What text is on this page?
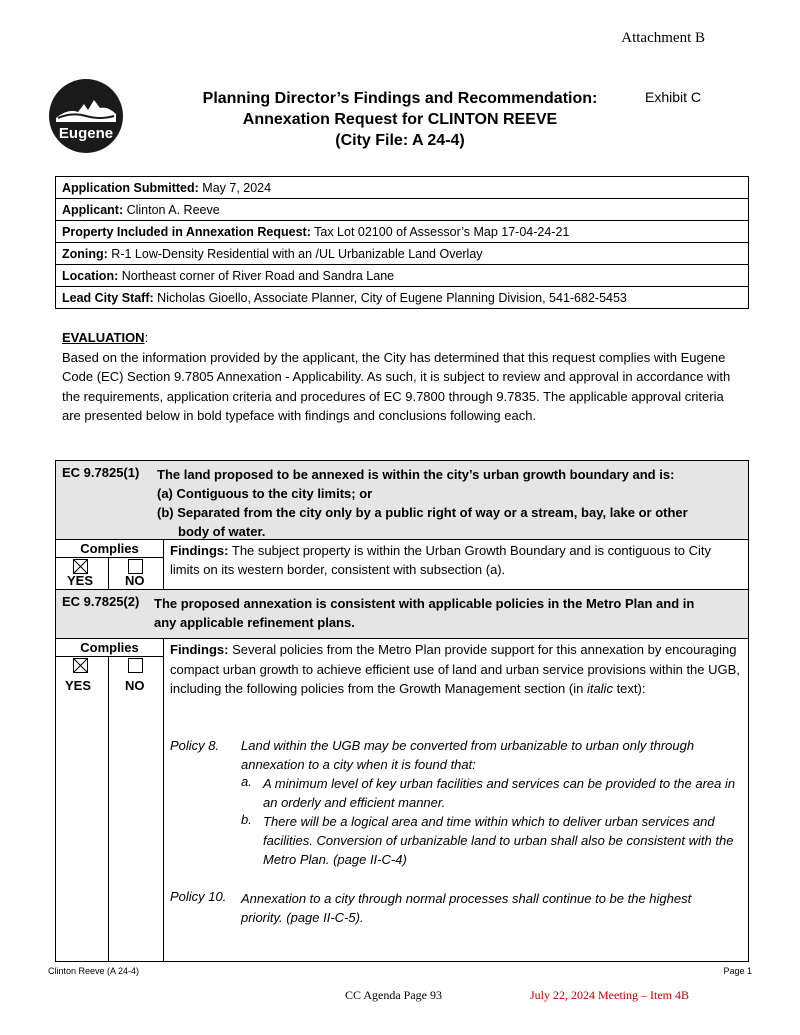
Attachment B
Eugene
Planning Director’s Findings and Recommendation:
Annexation Request for CLINTON REEVE
(City File: A 24-4)
Exhibit C
Application Submitted: May 7, 2024
Applicant: Clinton A. Reeve
Property Included in Annexation Request: Tax Lot 02100 of Assessor’s Map 17-04-24-21
Zoning: R-1 Low-Density Residential with an /UL Urbanizable Land Overlay
Location: Northeast corner of River Road and Sandra Lane
Lead City Staff: Nicholas Gioello, Associate Planner, City of Eugene Planning Division, 541-682-5453
EVALUATION:
Based on the information provided by the applicant, the City has determined that this request complies with Eugene Code (EC) Section 9.7805 Annexation - Applicability. As such, it is subject to review and approval in accordance with the requirements, application criteria and procedures of EC 9.7800 through 9.7835. The applicable approval criteria are presented below in bold typeface with findings and conclusions following each.
EC 9.7825(1) The land proposed to be annexed is within the city’s urban growth boundary and is:
(a) Contiguous to the city limits; or
(b) Separated from the city only by a public right of way or a stream, bay, lake or other
body of water.
Complies
YES NO
Findings: The subject property is within the Urban Growth Boundary and is contiguous to City limits on its western border, consistent with subsection (a).
EC 9.7825(2) The proposed annexation is consistent with applicable policies in the Metro Plan and in
any applicable refinement plans.
Complies
YES	NO
Findings: Several policies from the Metro Plan provide support for this annexation by encouraging compact urban growth to achieve efficient use of land and urban service provisions within the UGB, including the following policies from the Growth Management section (in italic text):
Policy 8. Land within the UGB may be converted from urbanizable to urban only through annexation to a city when it is found that:
a. A minimum level of key urban facilities and services can be provided to the area in an orderly and efficient manner.
b. There will be a logical area and time within which to deliver urban services and facilities. Conversion of urbanizable land to urban shall also be consistent with the Metro Plan. (page II-C-4)
Policy 10. Annexation to a city through normal processes shall continue to be the highest priority. (page II-C-5).
Clinton Reeve (A 24-4)	Page 1
CC Agenda Page 93	July 22, 2024 Meeting – Item 4B
